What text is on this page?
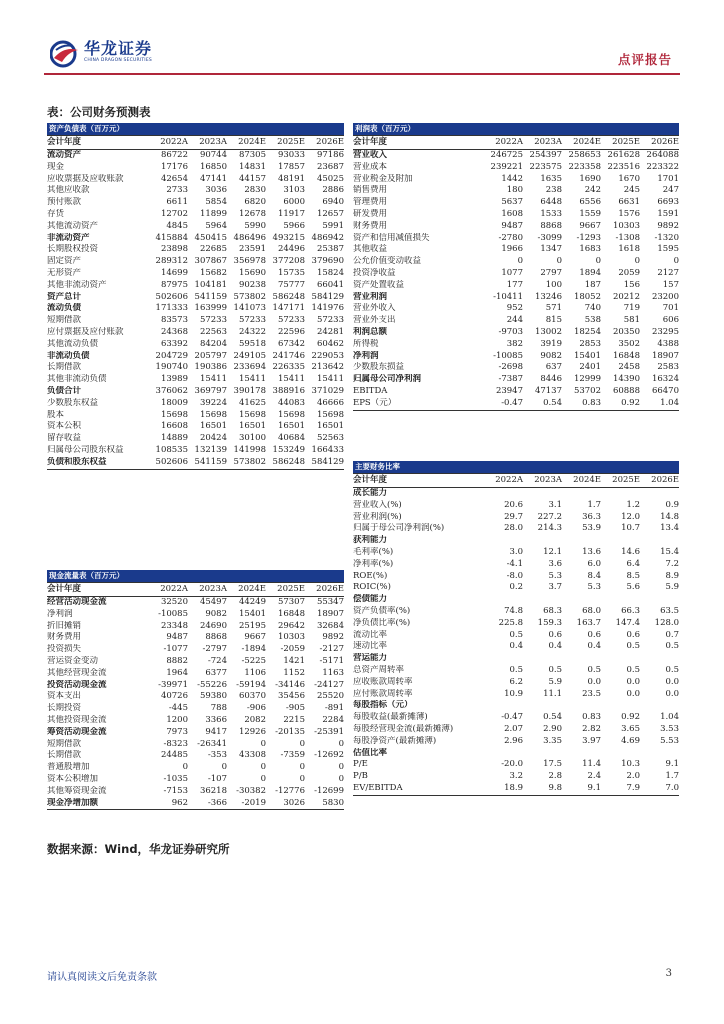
华龙证券
CHINA DRAGON SECURITIES	点评报告
表：公司财务预测表
资产负债表（百万元）
会计年度	2022A	2023A	2024E	2025E	2026E
流动资产	86722	90744	87305	93033	97186
现金	17176	16850	14831	17857	23687
应收票据及应收账款	42654	47141	44157	48191	45025
其他应收款	2733	3036	2830	3103	2886
预付账款	6611	5854	6820	6000	6940
存货	12702	11899	12678	11917	12657
其他流动资产	4845	5964	5990	5966	5991
非流动资产	415884 450415 486496 493215 486942
长期股权投资	23898	22685	23591	24496	25387
固定资产	289312 307867 356978 377208 379690
无形资产	14699	15682	15690	15735	15824
其他非流动资产	87975 104181	90238	75777	66041
资产总计	502606 541159 573802 586248 584129
流动负债	171333 163999 141073 147171 141976
短期借款	83573	57233	57233	57233	57233
应付票据及应付账款	24368	22563	24322	22596	24281
其他流动负债	63392	84204	59518	67342	60462
非流动负债	204729 205797 249105 241746 229053
长期借款	190740 190386 233694 226335 213642
其他非流动负债	13989	15411	15411	15411	15411
负债合计	376062 369797 390178 388916 371029
少数股东权益	18009	39224	41625	44083	46666
股本	15698	15698	15698	15698	15698
资本公积	16608	16501	16501	16501	16501
留存收益	14889	20424	30100	40684	52563
归属母公司股东权益	108535 132139 141998 153249 166433
负债和股东权益	502606 541159 573802 586248 584129
现金流量表（百万元）
会计年度	2022A	2023A	2024E	2025E	2026E
经营活动现金流	32520	45497	44249	57307	55347
净利润	-10085	9082	15401	16848	18907
折旧摊销	23348	24690	25195	29642	32684
财务费用	9487	8868	9667	10303	9892
投资损失	-1077	-2797	-1894	-2059	-2127
营运资金变动	8882	-724	-5225	1421	-5171
其他经营现金流	1964	6377	1106	1152	1163
投资活动现金流	-39971	-55226	-59194	-34146	-24127
资本支出	40726	59380	60370	35456	25520
长期投资	-445	788	-906	-905	-891
其他投资现金流	1200	3366	2082	2215	2284
筹资活动现金流	7973	9417	12926	-20135	-25391
短期借款	-8323	-26341	0	0	0
长期借款	24485	-353	43308	-7359	-12692
普通股增加	0	0	0	0	0
资本公积增加	-1035	-107	0	0	0
其他筹资现金流	-7153	36218	-30382	-12776	-12699
现金净增加额	962	-366	-2019	3026	5830
利润表（百万元）
会计年度	2022A	2023A	2024E	2025E	2026E
营业收入	246725 254397 258653 261628 264088
营业成本	239221 223575 223358 223516 223322
营业税金及附加	1442	1635	1690	1670	1701
销售费用	180	238	242	245	247
管理费用	5637	6448	6556	6631	6693
研发费用	1608	1533	1559	1576	1591
财务费用	9487	8868	9667	10303	9892
资产和信用减值损失	-2780	-3099	-1293	-1308	-1320
其他收益	1966	1347	1683	1618	1595
公允价值变动收益	0	0	0	0	0
投资净收益	1077	2797	1894	2059	2127
资产处置收益	177	100	187	156	157
营业利润	-10411	13246	18052	20212	23200
营业外收入	952	571	740	719	701
营业外支出	244	815	538	581	606
利润总额	-9703	13002	18254	20350	23295
所得税	382	3919	2853	3502	4388
净利润	-10085	9082	15401	16848	18907
少数股东损益	-2698	637	2401	2458	2583
归属母公司净利润	-7387	8446	12999	14390	16324
EBITDA	23947	47137	53702	60888	66470
EPS（元）	-0.47	0.54	0.83	0.92	1.04
主要财务比率
会计年度	2022A	2023A	2024E	2025E	2026E
成长能力
营业收入(%)	20.6	3.1	1.7	1.2	0.9
营业利润(%)	29.7	227.2	36.3	12.0	14.8
归属于母公司净利润(%)	28.0	214.3	53.9	10.7	13.4
获利能力
毛利率(%)	3.0	12.1	13.6	14.6	15.4
净利率(%)	-4.1	3.6	6.0	6.4	7.2
ROE(%)	-8.0	5.3	8.4	8.5	8.9
ROIC(%)	0.2	3.7	5.3	5.6	5.9
偿债能力
资产负债率(%)	74.8	68.3	68.0	66.3	63.5
净负债比率(%)	225.8	159.3	163.7	147.4	128.0
流动比率	0.5	0.6	0.6	0.6	0.7
速动比率	0.4	0.4	0.4	0.5	0.5
营运能力
总资产周转率	0.5	0.5	0.5	0.5	0.5
应收账款周转率	6.2	5.9	0.0	0.0	0.0
应付账款周转率	10.9	11.1	23.5	0.0	0.0
每股指标（元）
每股收益(最新摊薄)	-0.47	0.54	0.83	0.92	1.04
每股经营现金流(最新摊薄)	2.07	2.90	2.82	3.65	3.53
每股净资产(最新摊薄)	2.96	3.35	3.97	4.69	5.53
估值比率
P/E	-20.0	17.5	11.4	10.3	9.1
P/B	3.2	2.8	2.4	2.0	1.7
EV/EBITDA	18.9	9.8	9.1	7.9	7.0
数据来源：Wind，华龙证券研究所
请认真阅读文后免责条款	3
